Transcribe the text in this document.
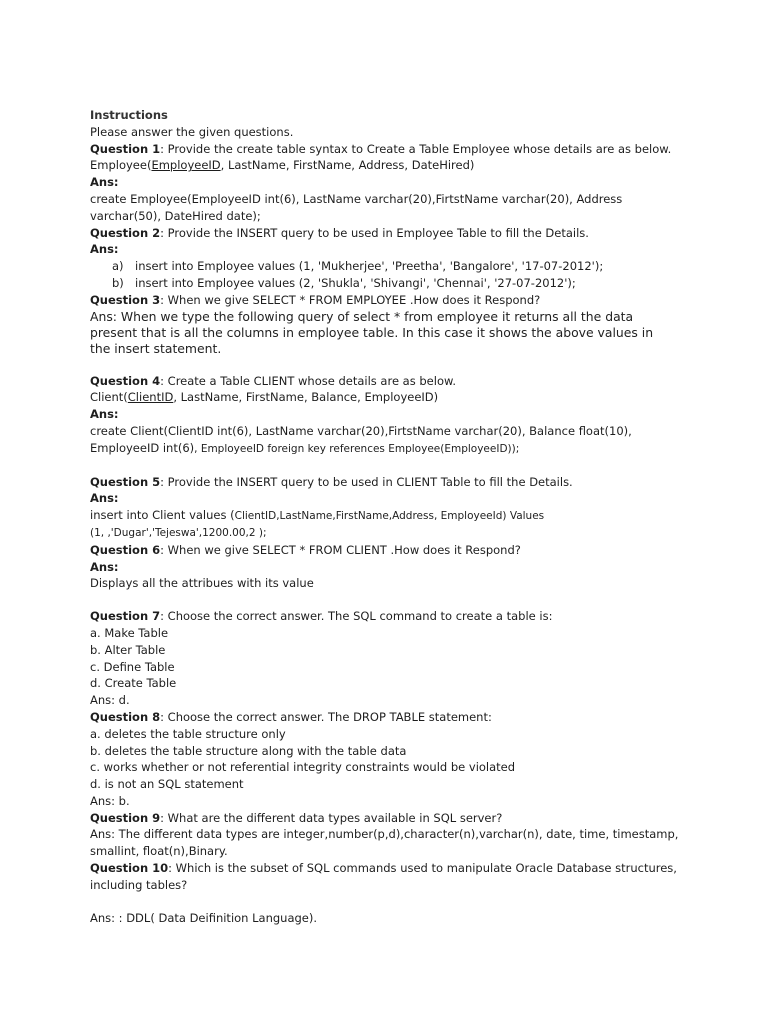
Instructions
Please answer the given questions.
Question 1: Provide the create table syntax to Create a Table Employee whose details are as below.
Employee(EmployeeID, LastName, FirstName, Address, DateHired)
Ans:
create Employee(EmployeeID int(6), LastName varchar(20),FirtstName varchar(20), Address
varchar(50), DateHired date);
Question 2: Provide the INSERT query to be used in Employee Table to fill the Details.
Ans:
a) insert into Employee values (1, 'Mukherjee', 'Preetha', 'Bangalore', '17-07-2012');
b) insert into Employee values (2, 'Shukla', 'Shivangi', 'Chennai', '27-07-2012');
Question 3: When we give SELECT * FROM EMPLOYEE .How does it Respond?
Ans: When we type the following query of select * from employee it returns all the data
present that is all the columns in employee table. In this case it shows the above values in
the insert statement.
Question 4: Create a Table CLIENT whose details are as below.
Client(ClientID, LastName, FirstName, Balance, EmployeeID)
Ans:
create Client(ClientID int(6), LastName varchar(20),FirtstName varchar(20), Balance float(10),
EmployeeID int(6), EmployeeID foreign key references Employee(EmployeeID));
Question 5: Provide the INSERT query to be used in CLIENT Table to fill the Details.
Ans:
insert into Client values (ClientID,LastName,FirstName,Address, EmployeeId) Values
(1, ,'Dugar','Tejeswa',1200.00,2 );
Question 6: When we give SELECT * FROM CLIENT .How does it Respond?
Ans:
Displays all the attribues with its value
Question 7: Choose the correct answer. The SQL command to create a table is:
a. Make Table
b. Alter Table
c. Define Table
d. Create Table
Ans: d.
Question 8: Choose the correct answer. The DROP TABLE statement:
a. deletes the table structure only
b. deletes the table structure along with the table data
c. works whether or not referential integrity constraints would be violated
d. is not an SQL statement
Ans: b.
Question 9: What are the different data types available in SQL server?
Ans: The different data types are integer,number(p,d),character(n),varchar(n), date, time, timestamp,
smallint, float(n),Binary.
Question 10: Which is the subset of SQL commands used to manipulate Oracle Database structures,
including tables?
Ans: : DDL( Data Deifinition Language).
